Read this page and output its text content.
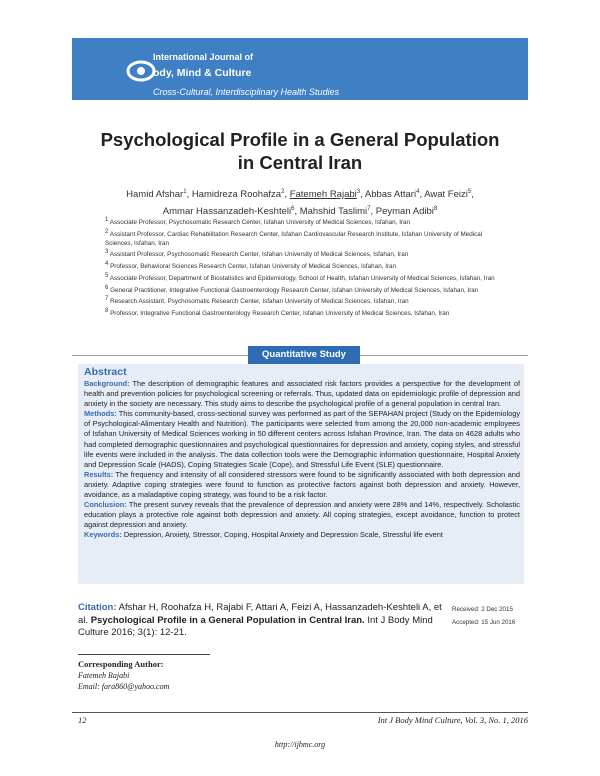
International Journal of
ody, Mind & Culture
Cross-Cultural, Interdisciplinary Health Studies
Psychological Profile in a General Population
in Central Iran
Hamid Afshar$^1$, Hamidreza Roohafza$^2$, Fatemeh Rajabi$^3$, Abbas Attari$^4$, Awat Feizi$^5$,
Ammar Hassanzadeh-Keshteli$^6$, Mahshid Taslimi$^7$, Peyman Adibi$^8$

$^1$ Associate Professor, Psychosomatic Research Center, Isfahan University of Medical Sciences, Isfahan, Iran

$^2$ Assistant Professor, Cardiac Rehabilitation Research Center, Isfahan Cardiovascular Research Institute, Isfahan University of Medical Sciences, Isfahan, Iran

$^3$ Assistant Professor, Psychosomatic Research Center, Isfahan University of Medical Sciences, Isfahan, Iran

$^4$ Professor, Behavioral Sciences Research Center, Isfahan University of Medical Sciences, Isfahan, Iran

$^5$ Associate Professor, Department of Biostatistics and Epidemiology, School of Health, Isfahan University of Medical Sciences, Isfahan, Iran

$^6$ General Practitioner, Integrative Functional Gastroenterology Research Center, Isfahan University of Medical Sciences, Isfahan, Iran

$^7$ Research Assistant, Psychosomatic Research Center, Isfahan University of Medical Sciences, Isfahan, Iran

$^8$ Professor, Integrative Functional Gastroenterology Research Center, Isfahan University of Medical Sciences, Isfahan, Iran

Quantitative Study
Abstract
Background: The description of demographic features and associated risk factors provides a perspective for the development of health and prevention policies for psychological screening or referrals. Thus, updated data on epidemiologic profile of depression and anxiety in the society are necessary. This study aims to describe the psychological profile of a general population in central Iran.
Methods: This community-based, cross-sectional survey was performed as part of the SEPAHAN project (Study on the Epidemiology of Psychological-Alimentary Health and Nutrition). The participants were selected from among the 20,000 non-academic employees of Isfahan University of Medical Sciences working in 50 different centers across Isfahan Province, Iran. The data on 4628 adults who had completed demographic questionnaires and psychological questionnaires for depression and anxiety, coping styles, and stressful life events were included in the analysis. The data collection tools were the Demographic information questionnaire, Hospital Anxiety and Depression Scale (HADS), Coping Strategies Scale (Cope), and Stressful Life Event (SLE) questionnaire.
Results: The frequency and intensity of all considered stressors were found to be significantly associated with both depression and anxiety. Adaptive coping strategies were found to function as protective factors against both depression and anxiety. However, avoidance, as a maladaptive coping strategy, was found to be a risk factor.
Conclusion: The present survey reveals that the prevalence of depression and anxiety were 28% and 14%, respectively. Scholastic education plays a protective role against both depression and anxiety. All coping strategies, except avoidance, function to protect against depression and anxiety.
Keywords: Depression, Anxiety, Stressor, Coping, Hospital Anxiety and Depression Scale, Stressful life event
Citation: Afshar H, Roohafza H, Rajabi F, Attari A, Feizi A, Hassanzadeh-Keshteli A, et al. Psychological Profile in a General Population in Central Iran. Int J Body Mind Culture 2016; 3(1): 12-21.
Received: 2 Dec 2015
Accepted: 15 Jun 2016
Corresponding Author:
Fatemeh Rajabi
Email: fara860@yahoo.com
12	Int J Body Mind Culture, Vol. 3, No. 1, 2016
http://ijbmc.org
